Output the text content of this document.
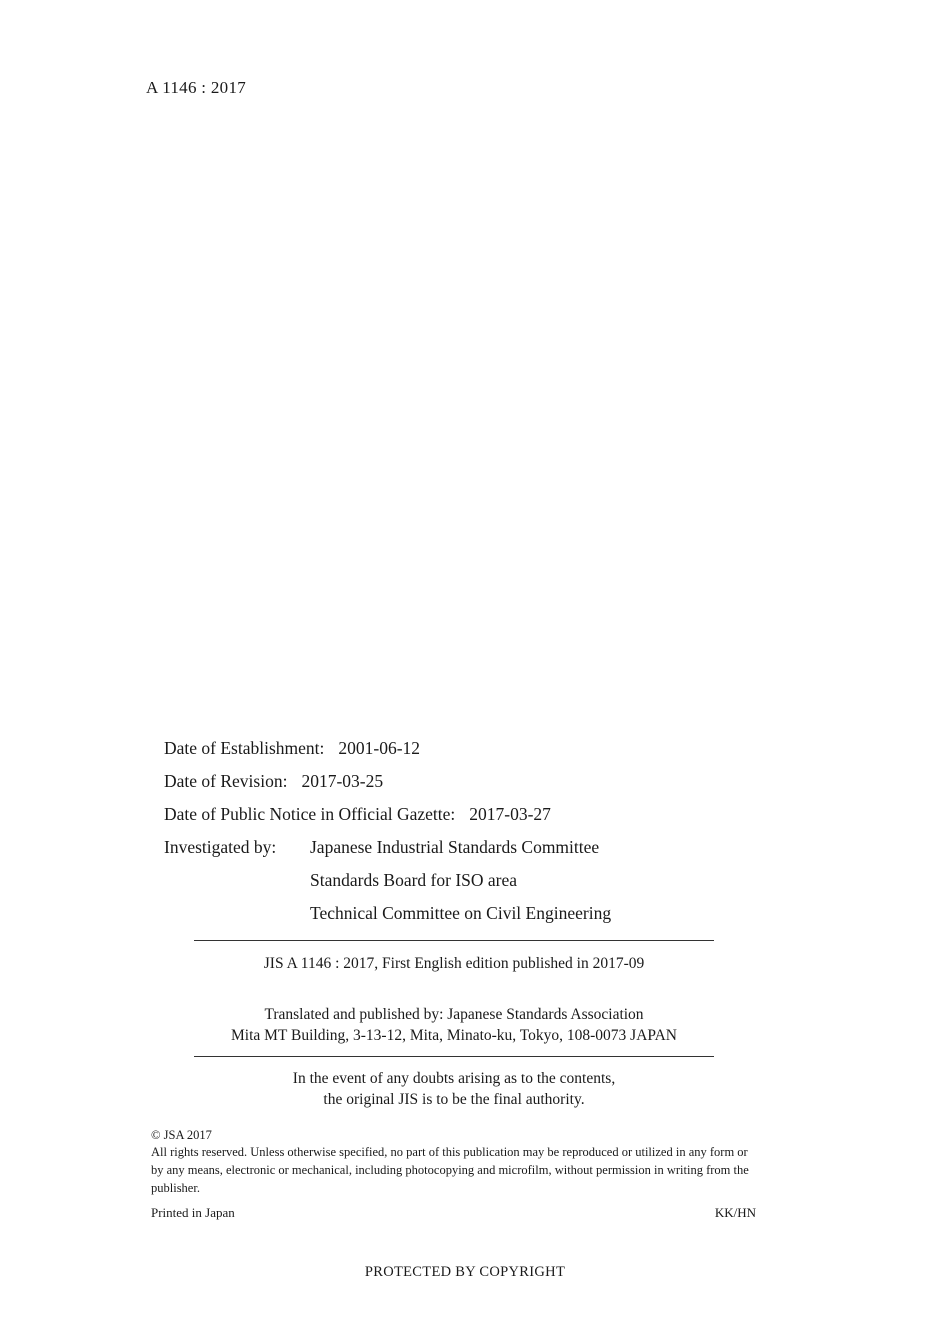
A 1146 : 2017
Date of Establishment: 2001-06-12
Date of Revision: 2017-03-25
Date of Public Notice in Official Gazette: 2017-03-27
Investigated by:	Japanese Industrial Standards Committee
Standards Board for ISO area
Technical Committee on Civil Engineering
JIS A 1146 : 2017, First English edition published in 2017-09
Translated and published by: Japanese Standards Association
Mita MT Building, 3-13-12, Mita, Minato-ku, Tokyo, 108-0073 JAPAN
In the event of any doubts arising as to the contents,
the original JIS is to be the final authority.
© JSA 2017
All rights reserved. Unless otherwise specified, no part of this publication may be reproduced or utilized in any form or by any means, electronic or mechanical, including photocopying and microfilm, without permission in writing from the publisher.
Printed in Japan	KK/HN
PROTECTED BY COPYRIGHT
